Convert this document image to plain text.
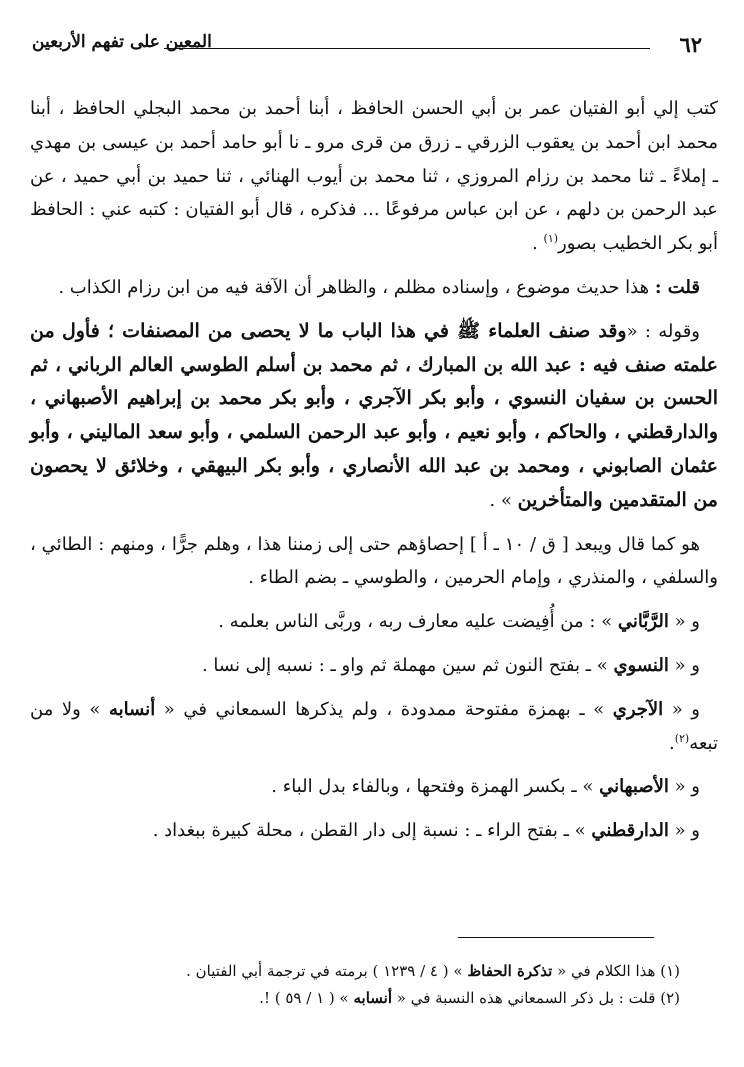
٦٢
المعين على تفهم الأربعين

كتب إلي أبو الفتيان عمر بن أبي الحسن الحافظ ، أبنا أحمد بن محمد البجلي الحافظ ، أبنا محمد ابن أحمد بن يعقوب الزرقي ـ زرق من قرى مرو ـ نا أبو حامد أحمد بن عيسى بن مهدي ـ إملاءً ـ ثنا محمد بن رزام المروزي ، ثنا محمد بن أيوب الهنائي ، ثنا حميد بن أبي حميد ، عن عبد الرحمن بن دلهم ، عن ابن عباس مرفوعًا ... فذكره ، قال أبو الفتيان : كتبه عني : الحافظ أبو بكر الخطيب بصور$^{(١)}$ .

قلت : هذا حديث موضوع ، وإسناده مظلم ، والظاهر أن الآفة فيه من ابن رزام الكذاب .

وقوله : «وقد صنف العلماء ﷺ في هذا الباب ما لا يحصى من المصنفات ؛ فأول من علمته صنف فيه : عبد الله بن المبارك ، ثم محمد بن أسلم الطوسي العالم الرباني ، ثم الحسن بن سفيان النسوي ، وأبو بكر الآجري ، وأبو بكر محمد بن إبراهيم الأصبهاني ، والدارقطني ، والحاكم ، وأبو نعيم ، وأبو عبد الرحمن السلمي ، وأبو سعد الماليني ، وأبو عثمان الصابوني ، ومحمد بن عبد الله الأنصاري ، وأبو بكر البيهقي ، وخلائق لا يحصون من المتقدمين والمتأخرين » .

هو كما قال ويبعد [ ق / ١٠ ـ أ ] إحصاؤهم حتى إلى زمننا هذا ، وهلم جرًّا ، ومنهم : الطائي ، والسلفي ، والمنذري ، وإمام الحرمين ، والطوسي ـ بضم الطاء .

و « الرَّبَّاني » : من أُفِيضت عليه معارف ربه ، وربَّى الناس بعلمه .

و « النسوي » ـ بفتح النون ثم سين مهملة ثم واو ـ : نسبه إلى نسا .

و « الآجري » ـ بهمزة مفتوحة ممدودة ، ولم يذكرها السمعاني في « أنسابه » ولا من تبعه$^{(٢)}$.

و « الأصبهاني » ـ بكسر الهمزة وفتحها ، وبالفاء بدل الباء .

و « الدارقطني » ـ بفتح الراء ـ : نسبة إلى دار القطن ، محلة كبيرة ببغداد .

(١) هذا الكلام في « تذكرة الحفاظ » ( ٤ / ١٢٣٩ ) برمته في ترجمة أبي الفتيان .

(٢) قلت : بل ذكر السمعاني هذه النسبة في « أنسابه » ( ١ / ٥٩ ) !.
